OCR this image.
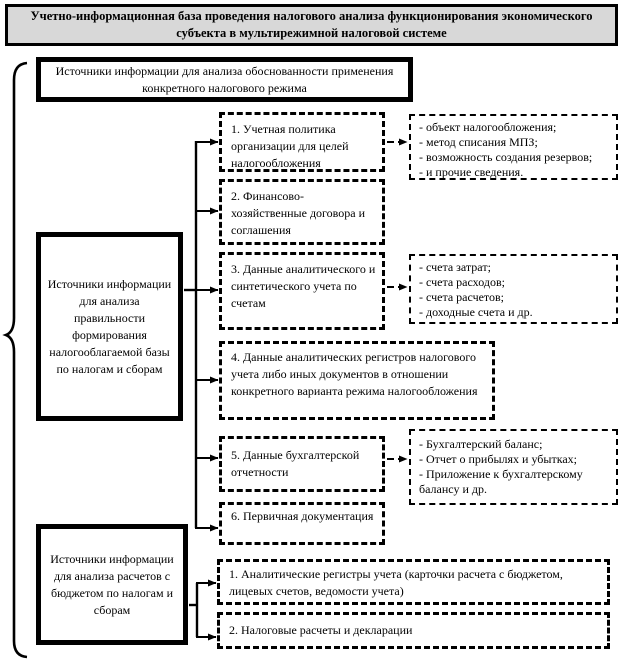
Учетно-информационная база проведения налогового анализа функционирования экономического субъекта в мультирежимной налоговой системе
Источники информации для анализа обоснованности применения конкретного налогового режима
Источники информации для анализа правильности формирования налогооблагаемой базы по налогам и сборам
Источники информации для анализа расчетов с бюджетом по налогам и сборам
1. Учетная политика организации для целей налогообложения
2. Финансово-хозяйственные договора и соглашения
3. Данные аналитического и синтетического учета по счетам
4. Данные аналитических регистров налогового учета либо иных документов в отношении конкретного варианта режима налогообложения
5. Данные бухгалтерской отчетности
6. Первичная документация
- объект налогообложения;
- метод списания МПЗ;
- возможность создания резервов;
- и прочие сведения.
- счета затрат;
- счета расходов;
- счета расчетов;
- доходные счета и др.
- Бухгалтерский баланс;
- Отчет о прибылях и убытках;
- Приложение к бухгалтерскому балансу и др.
1. Аналитические регистры учета (карточки расчета с бюджетом, лицевых счетов, ведомости учета)
2. Налоговые расчеты и декларации
